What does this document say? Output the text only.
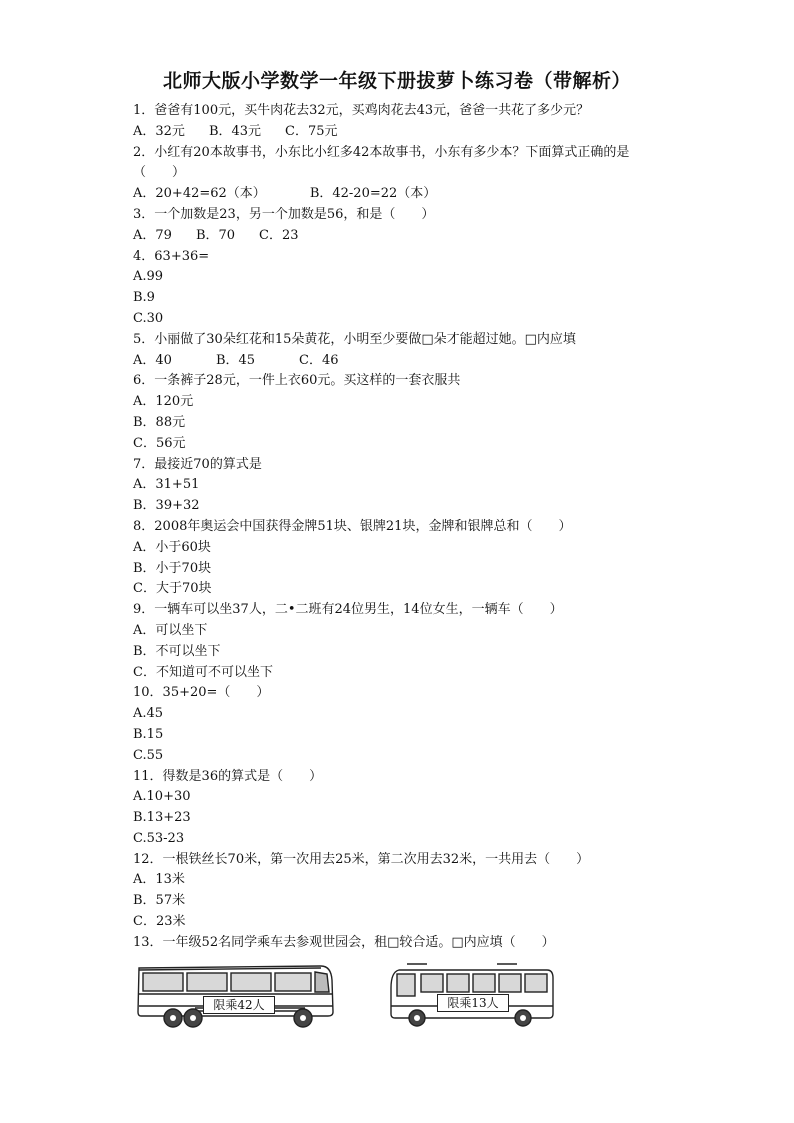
北师大版小学数学一年级下册拔萝卜练习卷（带解析）
1．爸爸有100元，买牛肉花去32元，买鸡肉花去43元，爸爸一共花了多少元？
A．32元 B．43元 C．75元
2．小红有20本故事书，小东比小红多42本故事书，小东有多少本？下面算式正确的是（　　）
A．20+42=62（本）	B．42-20=22（本）
3．一个加数是23，另一个加数是56，和是（　　）
A．79 B．70 C．23
4．63+36=
A.99
B.9
C.30
5．小丽做了30朵红花和15朵黄花，小明至少要做□朵才能超过她。□内应填
A．40	B．45	C．46
6．一条裤子28元，一件上衣60元。买这样的一套衣服共
A．120元
B．88元
C．56元
7．最接近70的算式是
A．31+51
B．39+32
8．2008年奥运会中国获得金牌51块、银牌21块，金牌和银牌总和（　　）
A．小于60块
B．小于70块
C．大于70块
9．一辆车可以坐37人，二•二班有24位男生，14位女生，一辆车（　　）
A．可以坐下
B．不可以坐下
C．不知道可不可以坐下
10．35+20=（　　）
A.45
B.15
C.55
11．得数是36的算式是（　　）
A.10+30
B.13+23
C.53-23
12．一根铁丝长70米，第一次用去25米，第二次用去32米，一共用去（　　）
A．13米
B．57米
C．23米
13．一年级52名同学乘车去参观世园会，租□较合适。□内应填（　　）
限乘42人	限乘13人
